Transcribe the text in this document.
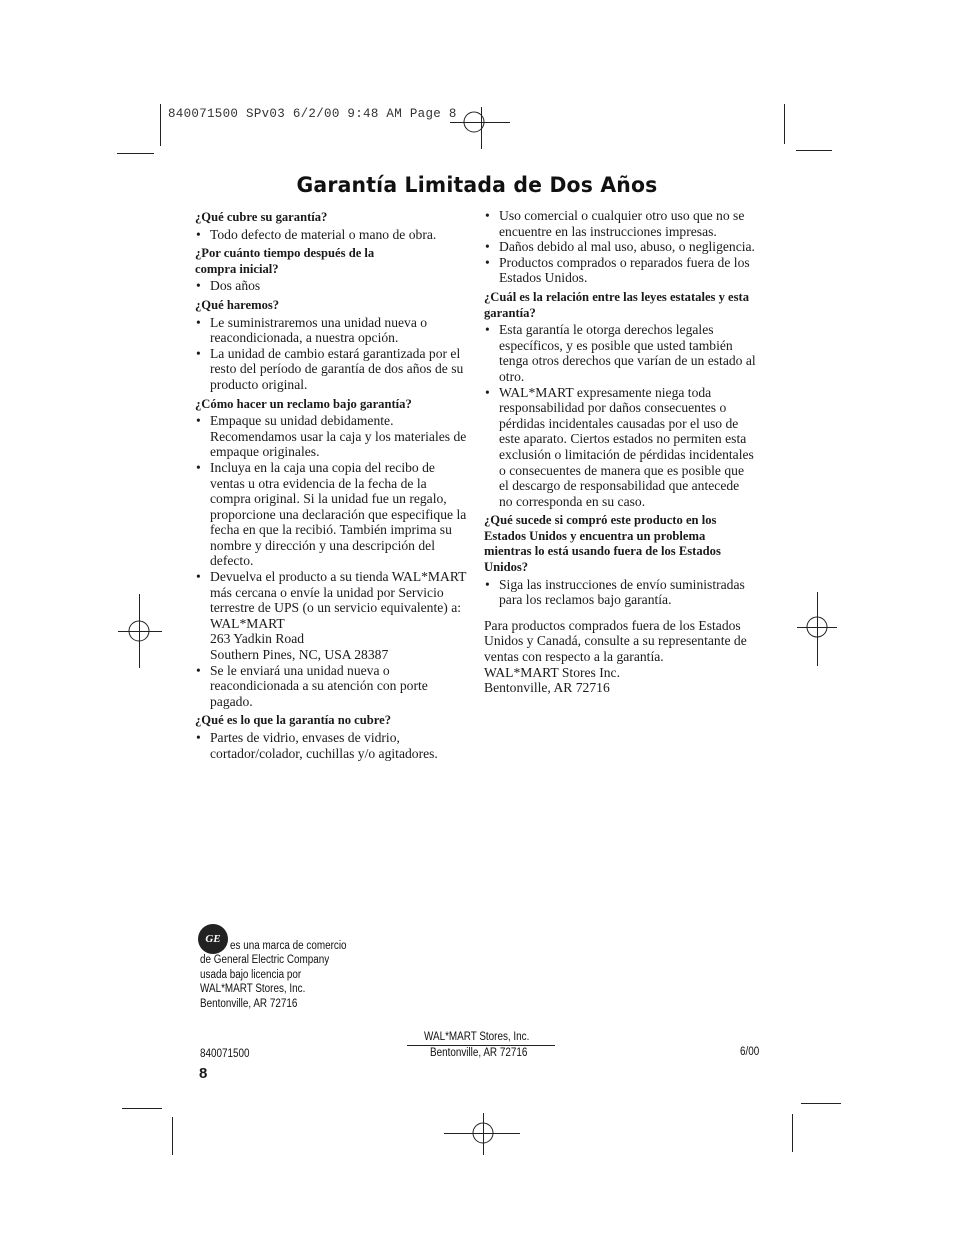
840071500 SPv03 6/2/00 9:48 AM Page 8
Garantía Limitada de Dos Años
¿Qué cubre su garantía?
• Todo defecto de material o mano de obra.
¿Por cuánto tiempo después de la compra inicial?
• Dos años
¿Qué haremos?
• Le suministraremos una unidad nueva o reacondicionada, a nuestra opción.
• La unidad de cambio estará garantizada por el resto del período de garantía de dos años de su producto original.
¿Cómo hacer un reclamo bajo garantía?
• Empaque su unidad debidamente. Recomendamos usar la caja y los materiales de empaque originales.
• Incluya en la caja una copia del recibo de ventas u otra evidencia de la fecha de la compra original. Si la unidad fue un regalo, proporcione una declaración que especifique la fecha en que la recibió. También imprima su nombre y dirección y una descripción del defecto.
• Devuelva el producto a su tienda WAL*MART más cercana o envíe la unidad por Servicio terrestre de UPS (o un servicio equivalente) a:
WAL*MART
263 Yadkin Road
Southern Pines, NC, USA 28387
• Se le enviará una unidad nueva o reacondicionada a su atención con porte pagado.
¿Qué es lo que la garantía no cubre?
• Partes de vidrio, envases de vidrio, cortador/colador, cuchillas y/o agitadores.
• Uso comercial o cualquier otro uso que no se encuentre en las instrucciones impresas.
• Daños debido al mal uso, abuso, o negligencia.
• Productos comprados o reparados fuera de los Estados Unidos.
¿Cuál es la relación entre las leyes estatales y esta garantía?
• Esta garantía le otorga derechos legales específicos, y es posible que usted también tenga otros derechos que varían de un estado al otro.
• WAL*MART expresamente niega toda responsabilidad por daños consecuentes o pérdidas incidentales causadas por el uso de este aparato. Ciertos estados no permiten esta exclusión o limitación de pérdidas incidentales o consecuentes de manera que es posible que el descargo de responsabilidad que antecede no corresponda en su caso.
¿Qué sucede si compró este producto en los Estados Unidos y encuentra un problema mientras lo está usando fuera de los Estados Unidos?
• Siga las instrucciones de envío suministradas para los reclamos bajo garantía.

Para productos comprados fuera de los Estados Unidos y Canadá, consulte a su representante de ventas con respecto a la garantía.

WAL*MART Stores Inc.
Bentonville, AR 72716
GE
es una marca de comercio
de General Electric Company
usada bajo licencia por
WAL*MART Stores, Inc.
Bentonville, AR 72716
WAL*MART Stores, Inc.
Bentonville, AR 72716
840071500	6/00
8
